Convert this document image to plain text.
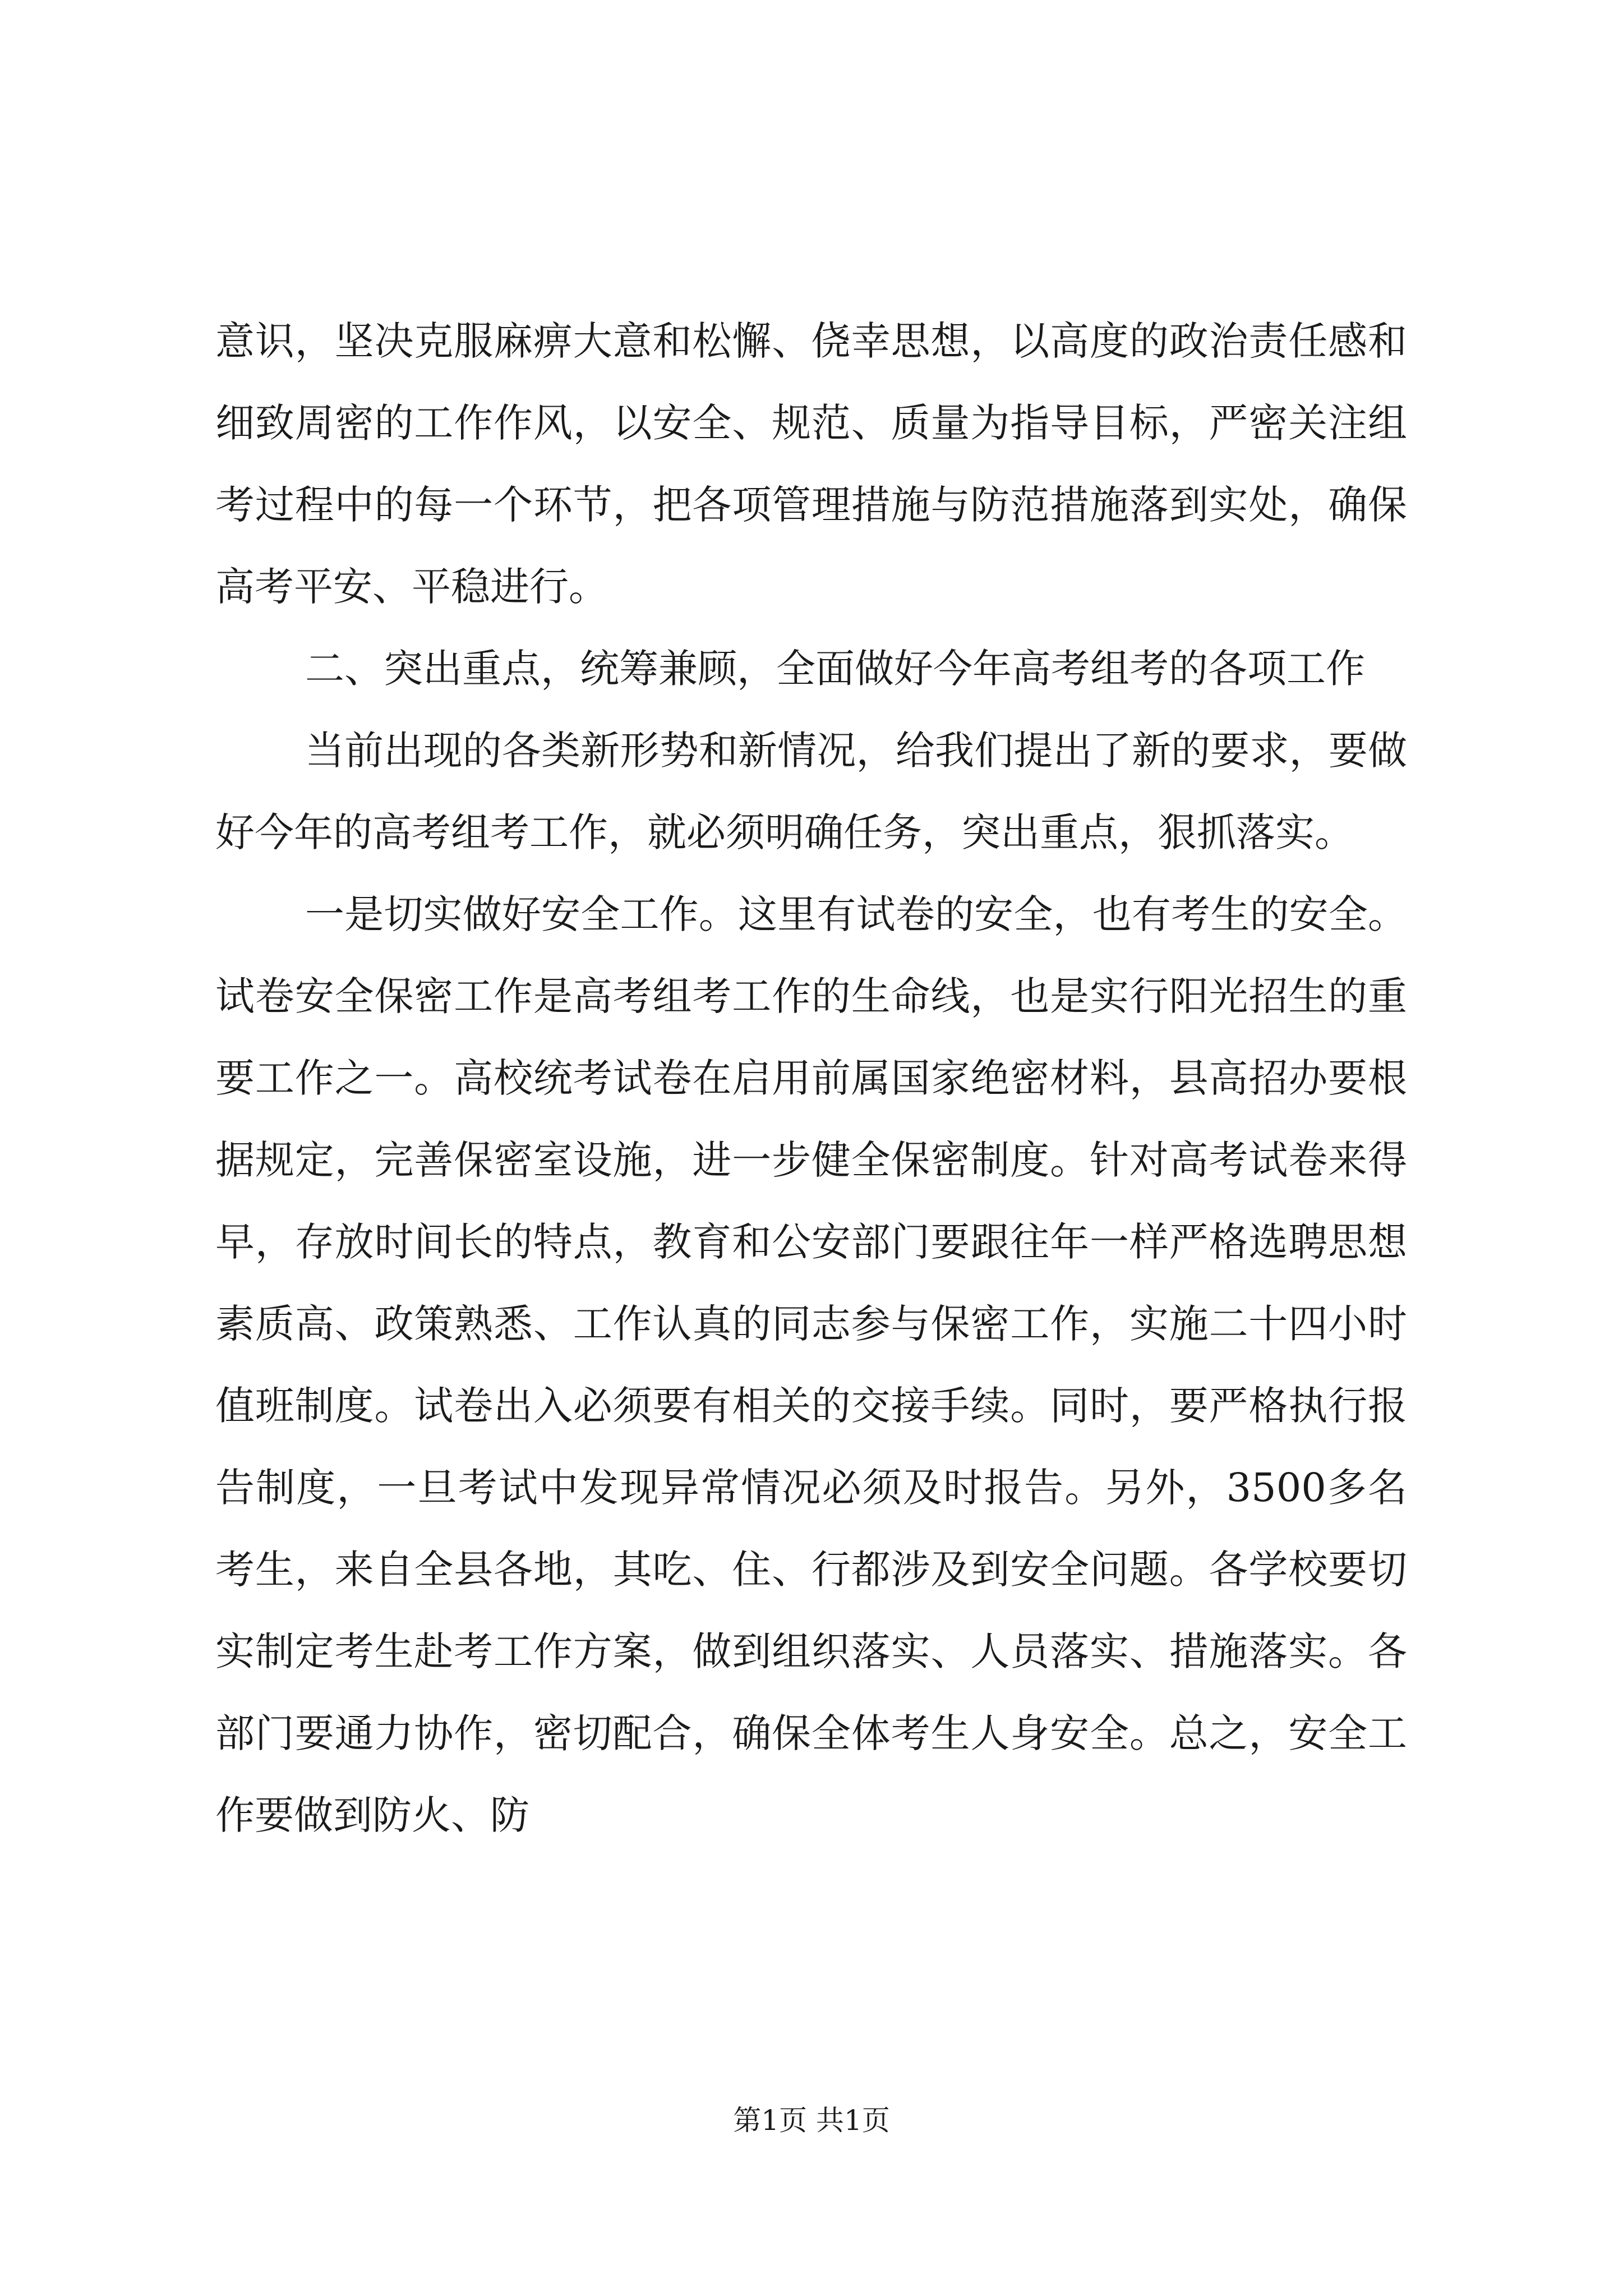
意识，坚决克服麻痹大意和松懈、侥幸思想，以高度的政治责任感和细致周密的工作作风，以安全、规范、质量为指导目标，严密关注组考过程中的每一个环节，把各项管理措施与防范措施落到实处，确保高考平安、平稳进行。

二、突出重点，统筹兼顾，全面做好今年高考组考的各项工作

当前出现的各类新形势和新情况，给我们提出了新的要求，要做好今年的高考组考工作，就必须明确任务，突出重点，狠抓落实。

一是切实做好安全工作。这里有试卷的安全，也有考生的安全。试卷安全保密工作是高考组考工作的生命线，也是实行阳光招生的重要工作之一。高校统考试卷在启用前属国家绝密材料，县高招办要根据规定，完善保密室设施，进一步健全保密制度。针对高考试卷来得早，存放时间长的特点，教育和公安部门要跟往年一样严格选聘思想素质高、政策熟悉、工作认真的同志参与保密工作，实施二十四小时值班制度。试卷出入必须要有相关的交接手续。同时，要严格执行报告制度，一旦考试中发现异常情况必须及时报告。另外，3500多名考生，来自全县各地，其吃、住、行都涉及到安全问题。各学校要切实制定考生赴考工作方案，做到组织落实、人员落实、措施落实。各部门要通力协作，密切配合，确保全体考生人身安全。总之，安全工作要做到防火、防

第1页 共1页
